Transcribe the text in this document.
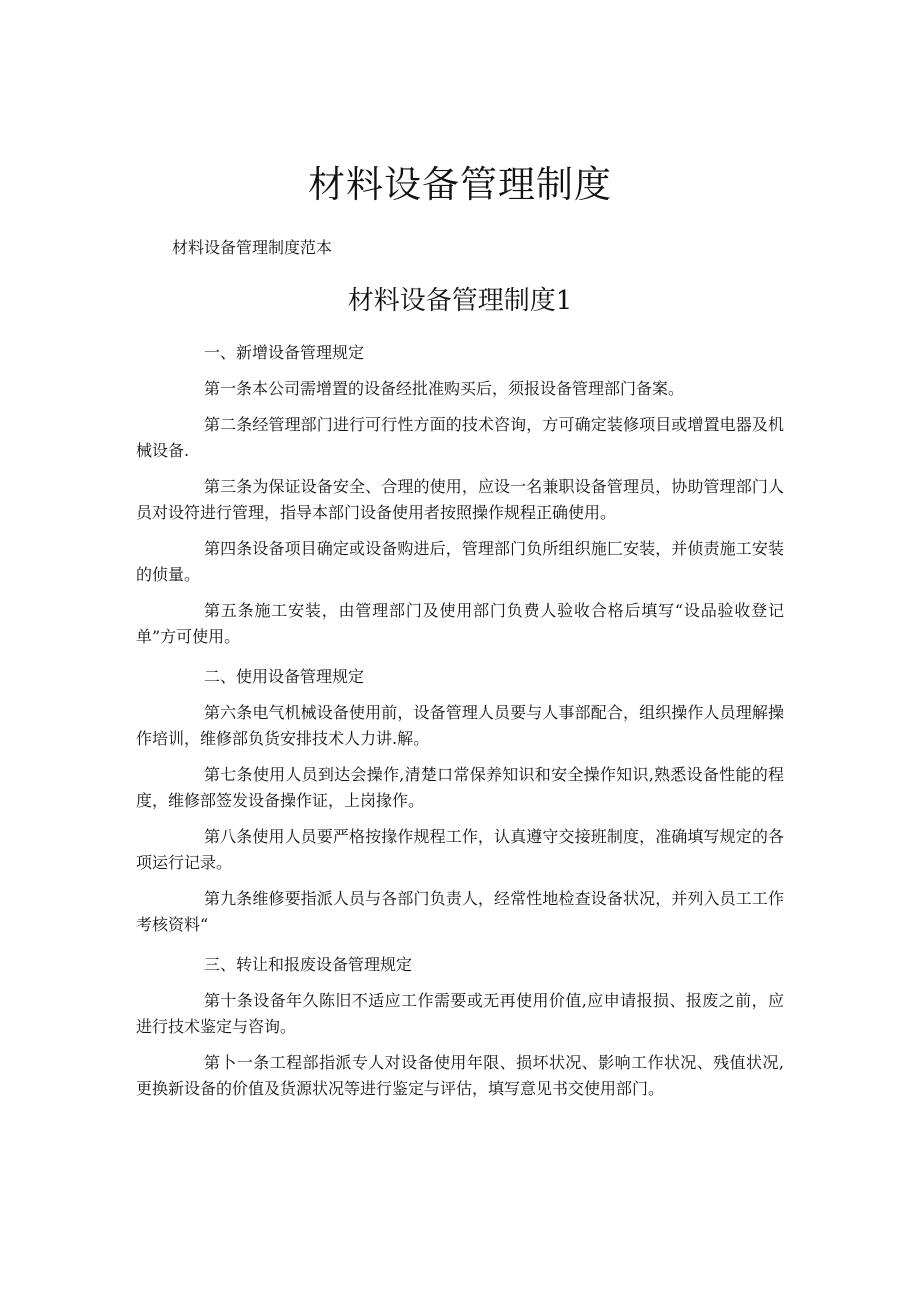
材料设备管理制度

材料设备管理制度范本

材料设备管理制度1
一、新增设备管理规定

第一条本公司需增置的设备经批准购买后，须报设备管理部门备案。

第二条经管理部门进行可行性方面的技术咨询，方可确定装修项目或增置电器及机械设备.

第三条为保证设备安全、合理的使用，应设一名兼职设备管理员，协助管理部门人员对设符进行管理，指导本部门设备使用者按照操作规程正确使用。

第四条设备项目确定或设备购进后，管理部门负所组织施匚安装，并侦责施工安装的侦量。

第五条施工安装，由管理部门及使用部门负费人验收合格后填写“设品验收登记单”方可使用。

二、使用设备管理规定

第六条电气机械设备使用前，设备管理人员要与人事部配合，组织操作人员理解操作培训，维修部负货安排技术人力讲.解。

第七条使用人员到达会操作,清楚口常保养知识和安全操作知识,熟悉设备性能的程度，维修部签发设备操作证，上岗掾作。

第八条使用人员要严格按掾作规程工作，认真遵守交接班制度，准确填写规定的各项运行记录。

第九条维修要指派人员与各部门负责人，经常性地检查设备状况，并列入员工工作考核资料“

三、转让和报废设备管理规定

第十条设备年久陈旧不适应工作需要或无再使用价值,应申请报损、报废之前，应进行技术鉴定与咨询。

第卜一条工程部指派专人对设备使用年限、损坏状况、影响工作状况、残值状况,更换新设备的价值及货源状况等进行鉴定与评估，填写意见书交使用部门。
